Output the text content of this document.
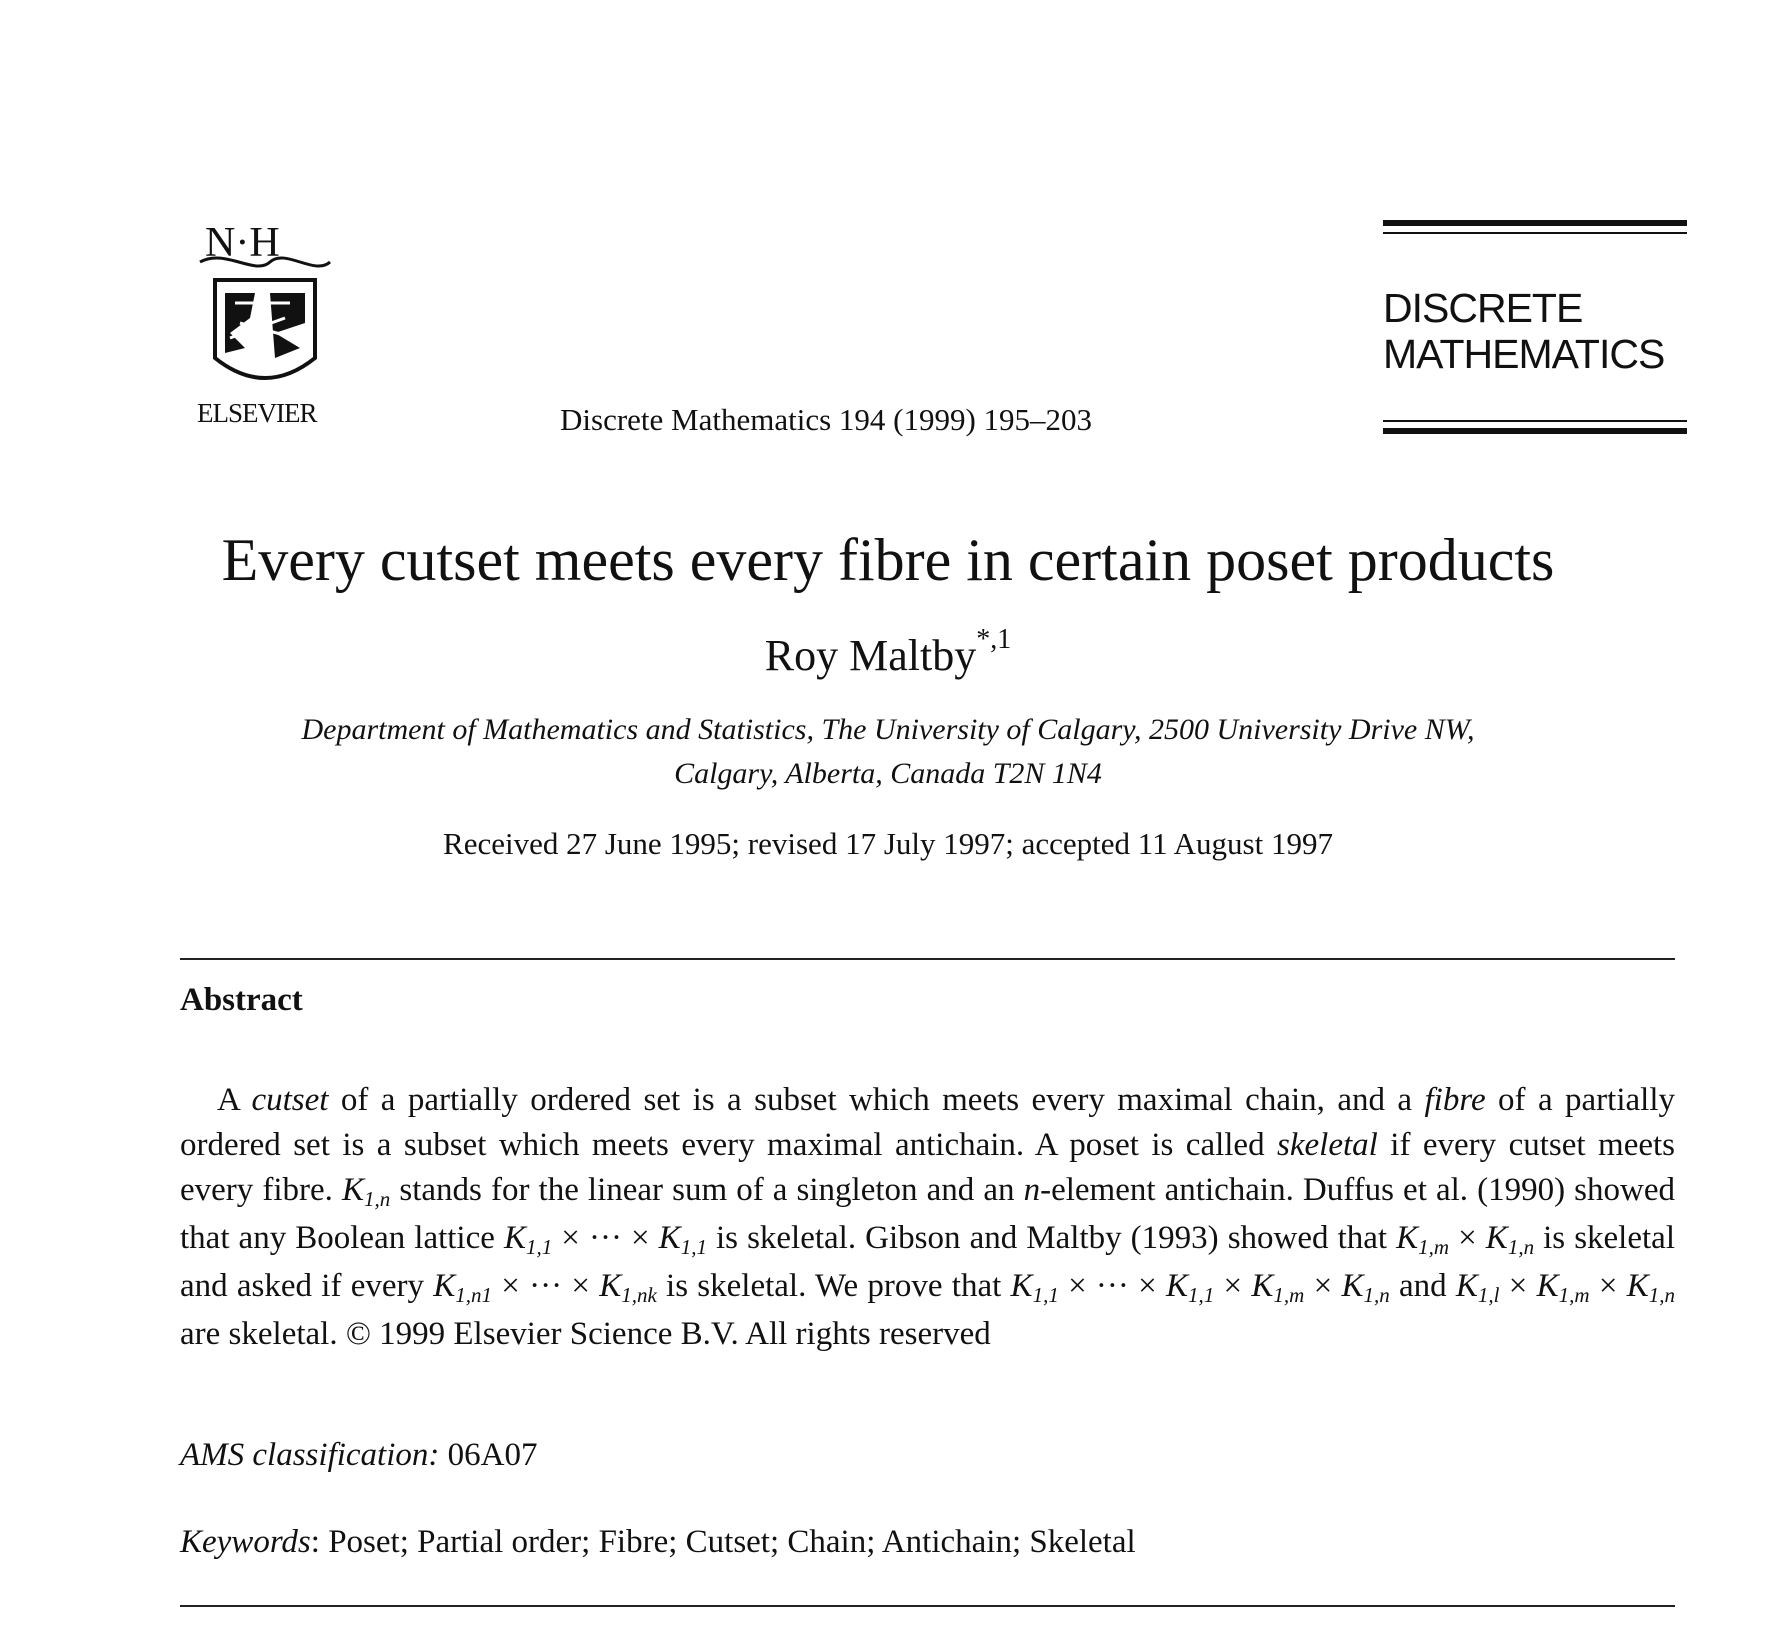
N·H
ELSEVIER	Discrete Mathematics 194 (1999) 195–203
DISCRETE
MATHEMATICS
Every cutset meets every fibre in certain poset products
Roy Maltby$^{*,1}$
Department of Mathematics and Statistics, The University of Calgary, 2500 University Drive NW,
Calgary, Alberta, Canada T2N 1N4
Received 27 June 1995; revised 17 July 1997; accepted 11 August 1997
Abstract

A cutset of a partially ordered set is a subset which meets every maximal chain, and a fibre of a partially ordered set is a subset which meets every maximal antichain. A poset is called skeletal if every cutset meets every fibre. K1,n stands for the linear sum of a singleton and an n-element antichain. Duffus et al. (1990) showed that any Boolean lattice K1,1 × ··· × K1,1 is skeletal. Gibson and Maltby (1993) showed that K1,m × K1,n is skeletal and asked if every K1,n1 × ··· × K1,nk is skeletal. We prove that K1,1 × ··· × K1,1 × K1,m × K1,n and K1,l × K1,m × K1,n are skeletal. © 1999 Elsevier Science B.V. All rights reserved

AMS classification: 06A07
Keywords: Poset; Partial order; Fibre; Cutset; Chain; Antichain; Skeletal
